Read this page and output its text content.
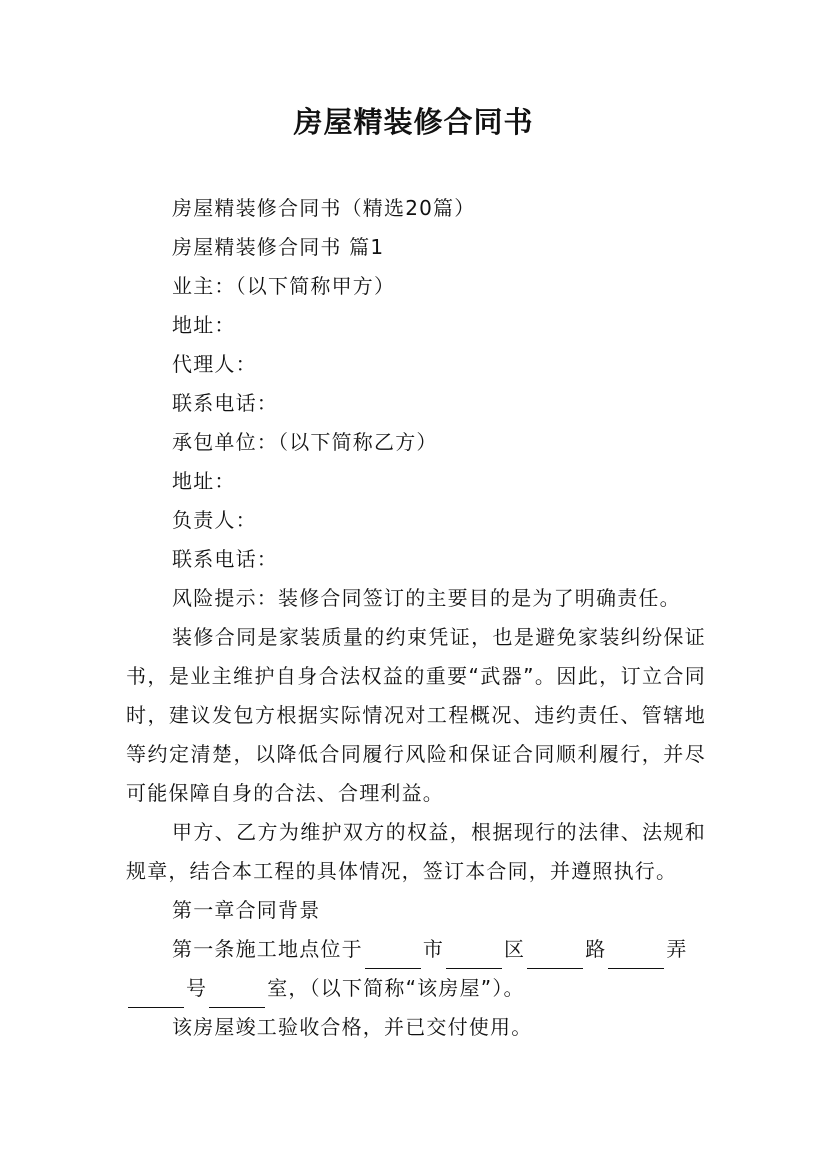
房屋精装修合同书

房屋精装修合同书（精选20篇）

房屋精装修合同书 篇1

业主：（以下简称甲方）

地址：

代理人：

联系电话：

承包单位：（以下简称乙方）

地址：

负责人：

联系电话：

风险提示：装修合同签订的主要目的是为了明确责任。

装修合同是家装质量的约束凭证，也是避免家装纠纷保证书，是业主维护自身合法权益的重要“武器”。因此，订立合同时，建议发包方根据实际情况对工程概况、违约责任、管辖地等约定清楚，以降低合同履行风险和保证合同顺利履行，并尽可能保障自身的合法、合理利益。

甲方、乙方为维护双方的权益，根据现行的法律、法规和规章，结合本工程的具体情况，签订本合同，并遵照执行。

第一章合同背景

第一条施工地点位于	市	区	路	弄

号	室，（以下简称“该房屋”）。

该房屋竣工验收合格，并已交付使用。
